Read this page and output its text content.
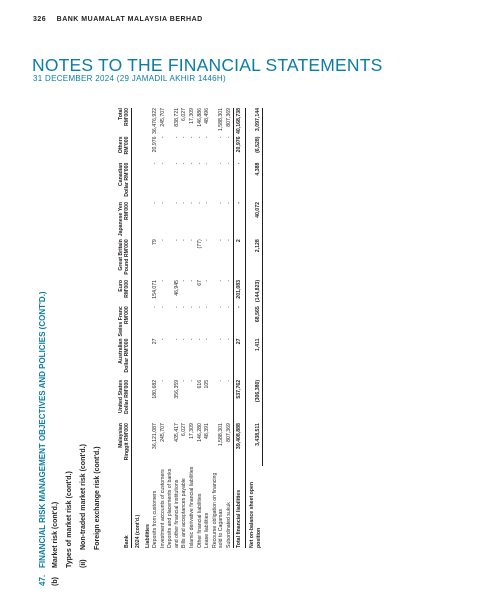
326 BANK MUAMALAT MALAYSIA BERHAD
NOTES TO THE FINANCIAL STATEMENTS
31 DECEMBER 2024 (29 JAMADIL AKHIR 1446H)
47.FINANCIAL RISK MANAGEMENT OBJECTIVES AND POLICIES (CONT'D.)
(b)Market risk (cont'd.) Types of market risk (cont'd.) (ii)Non-traded market risk (cont'd.) Foreign exchange risk (cont'd.)	Bank	Malaysian Ringgit RM'000	United States Dollar RM'000	Australian Dollar RM'000	Swiss Franc RM'000	Euro RM'000	Great Britain Pound RM'000	Japanese Yen RM'000	Canadian Dollar RM'000	Others RM'000	Total RM'000
2024 (cont'd.)										
Liabilities										
Deposits from customers	36,121,087	180,682	27	-	154,071	79	-	-	20,976	36,476,922
Investment accounts of customers	245,707	-	-	-	-	-	-	-	-	245,707
Deposits and placements of banks and other financial institutions	435,417	356,359	-	-	46,945	-	-	-	-	838,721
Bills and acceptances payable	6,027	-	-	-	-	-	-	-	-	6,027
Islamic derivative financial liabilities	17,309	-	-	-	-	-	-	-	-	17,309
Other financial liabilities	146,280	616	-	-	67	(77)	-	-	-	146,886
Lease liabilities	48,391	105	-	-	-	-	-	-	-	48,496
Recourse obligation on financing sold to Cagamas	1,588,301	-	-	-	-	-	-	-	-	1,588,301
Subordinated sukuk	807,369	-	-	-	-	-	-	-	-	807,369
Total financial liabilities	39,408,888	537,762	27	-	201,083	2	-	-	20,976	40,168,738
Net on-balance sheet open position	3,438,511	(306,380)	1,411	68,565	(144,823)	2,128	40,072	4,388	(6,528)	3,097,144
